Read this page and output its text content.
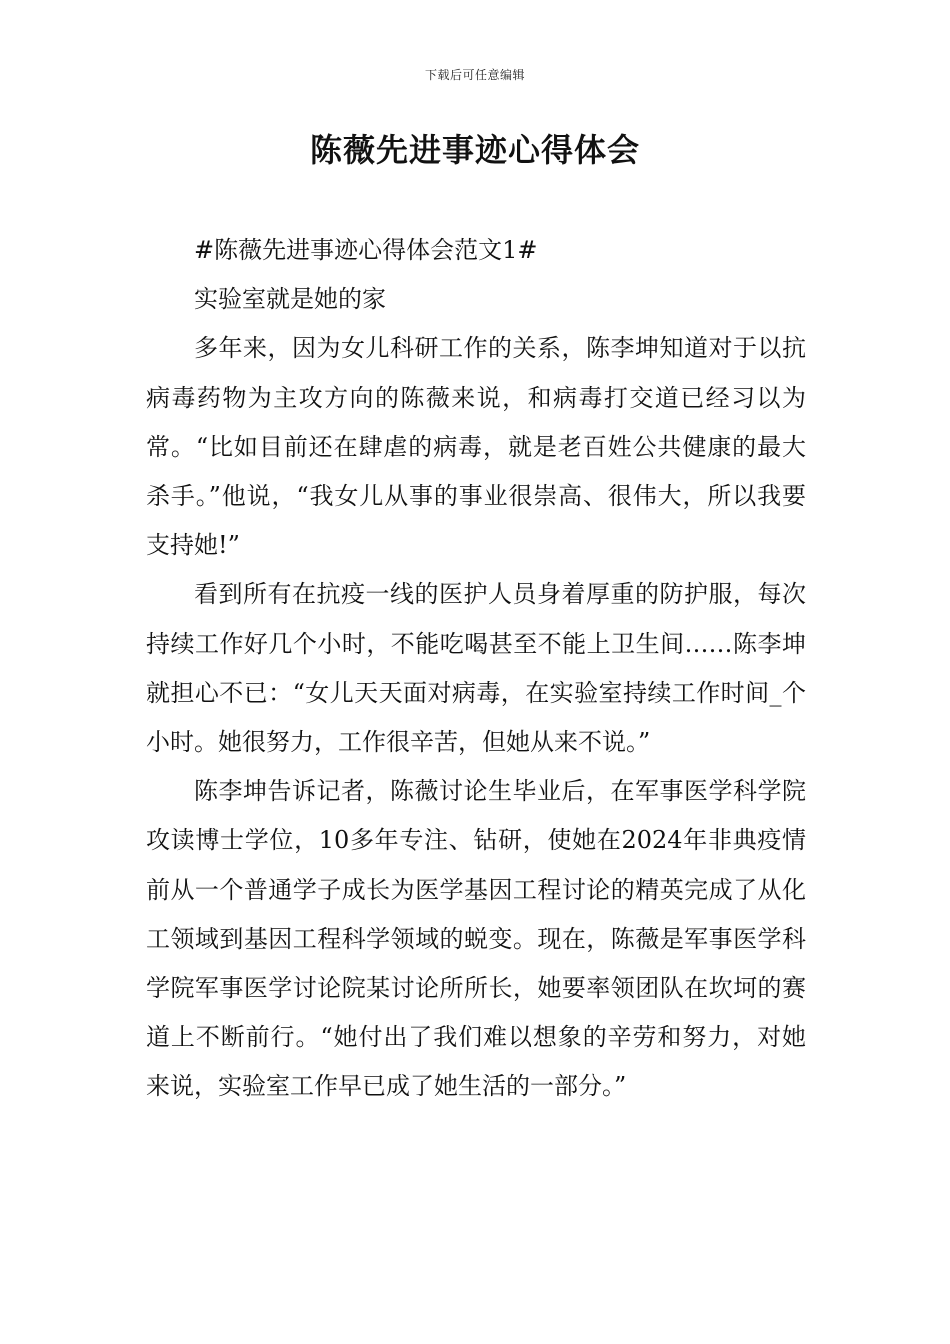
下载后可任意编辑
陈薇先进事迹心得体会

#陈薇先进事迹心得体会范文1#

实验室就是她的家

多年来，因为女儿科研工作的关系，陈李坤知道对于以抗病毒药物为主攻方向的陈薇来说，和病毒打交道已经习以为常。“比如目前还在肆虐的病毒，就是老百姓公共健康的最大杀手。”他说，“我女儿从事的事业很崇高、很伟大，所以我要支持她!”

看到所有在抗疫一线的医护人员身着厚重的防护服，每次持续工作好几个小时，不能吃喝甚至不能上卫生间……陈李坤就担心不已：“女儿天天面对病毒，在实验室持续工作时间_个小时。她很努力，工作很辛苦，但她从来不说。”

陈李坤告诉记者，陈薇讨论生毕业后，在军事医学科学院攻读博士学位，10多年专注、钻研，使她在2024年非典疫情前从一个普通学子成长为医学基因工程讨论的精英完成了从化工领域到基因工程科学领域的蜕变。现在，陈薇是军事医学科学院军事医学讨论院某讨论所所长，她要率领团队在坎坷的赛道上不断前行。“她付出了我们难以想象的辛劳和努力，对她来说，实验室工作早已成了她生活的一部分。”
